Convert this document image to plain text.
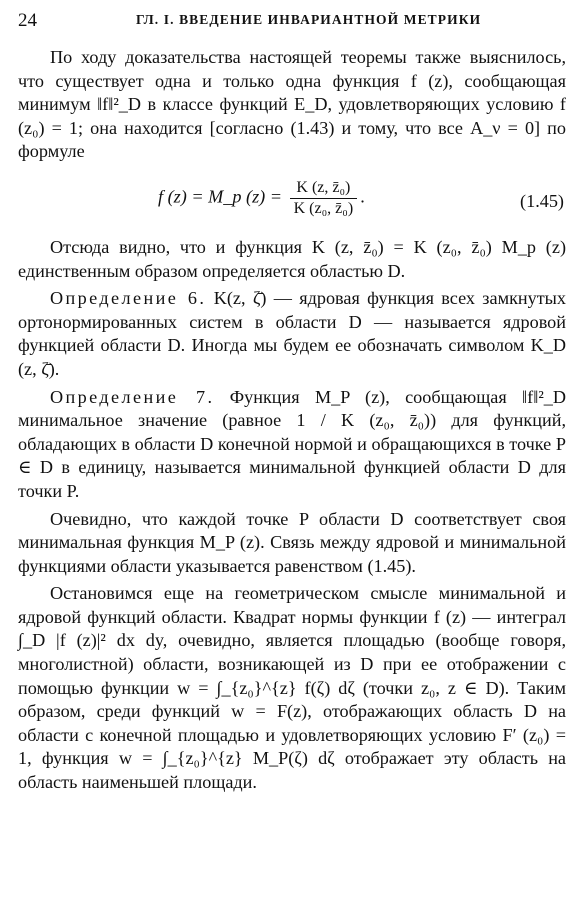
24	ГЛ. I. ВВЕДЕНИЕ ИНВАРИАНТНОЙ МЕТРИКИ

По ходу доказательства настоящей теоремы также выяснилось, что существует одна и только одна функция f (z), сообщающая минимум ‖f‖²_D в классе функций E_D, удовлетворяющих условию f (z₀) = 1; она находится [согласно (1.43) и тому, что все A_ν = 0] по формуле

f (z) = M_p $(z) = \frac{\text{K (z, z̄₀)}}{\text{K (z₀, z̄₀)}}$ .	(1.45)

Отсюда видно, что и функция K (z, z̄₀) = K (z₀, z̄₀) M_p (z) единственным образом определяется областью D.

Определение 6. K(z, ζ̄) — ядровая функция всех замкнутых ортонормированных систем в области D — называется ядровой функцией области D. Иногда мы будем ее обозначать символом K_D (z, ζ̄).

Определение 7. Функция M_P (z), сообщающая ‖f‖²_D минимальное значение (равное 1 / K (z₀, z̄₀)) для функций, обладающих в области D конечной нормой и обращающихся в точке P ∈ D в единицу, называется минимальной функцией области D для точки P.

Очевидно, что каждой точке P области D соответствует своя минимальная функция M_P (z). Связь между ядровой и минимальной функциями области указывается равенством (1.45).

Остановимся еще на геометрическом смысле минимальной и ядровой функций области. Квадрат нормы функции f (z) — интеграл ∫_D |f (z)|² dx dy, очевидно, является площадью (вообще говоря, многолистной) области, возникающей из D при ее отображении с помощью функции w = ∫_{z₀}^{z} f(ζ) dζ (точки z₀, z ∈ D). Таким образом, среди функций w = F(z), отображающих область D на области с конечной площадью и удовлетворяющих условию F′ (z₀) = 1, функция w = ∫_{z₀}^{z} M_P(ζ) dζ отображает эту область на область наименьшей площади.
